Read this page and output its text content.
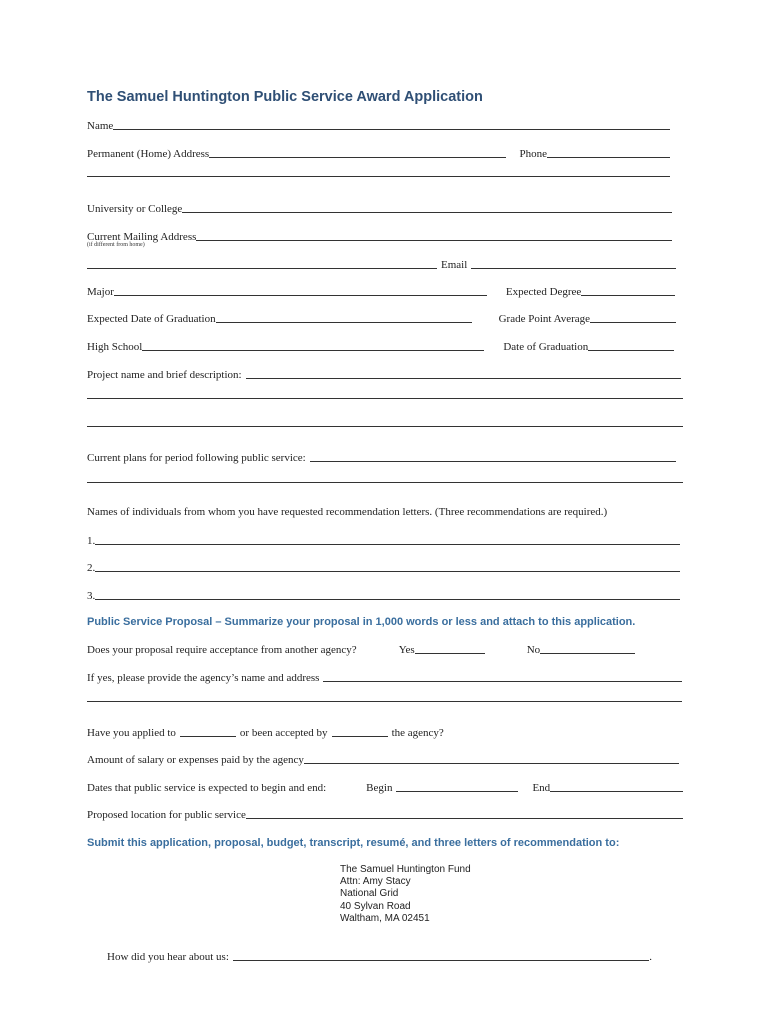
The Samuel Huntington Public Service Award Application
Name
Permanent (Home) Address	Phone
University or College
Current Mailing Address
(if different from home)
Email
Major	Expected Degree
Expected Date of Graduation	Grade Point Average
High School	Date of Graduation
Project name and brief description:
Current plans for period following public service:
Names of individuals from whom you have requested recommendation letters. (Three recommendations are required.)
1.
2.
3.
Public Service Proposal – Summarize your proposal in 1,000 words or less and attach to this application.
Does your proposal require acceptance from another agency?	Yes	No
If yes, please provide the agency’s name and address
Have you applied to	or been accepted by	the agency?
Amount of salary or expenses paid by the agency
Dates that public service is expected to begin and end:	Begin	End
Proposed location for public service
Submit this application, proposal, budget, transcript, resumé, and three letters of recommendation to:
The Samuel Huntington Fund
Attn: Amy Stacy
National Grid
40 Sylvan Road
Waltham, MA 02451
How did you hear about us:	.
